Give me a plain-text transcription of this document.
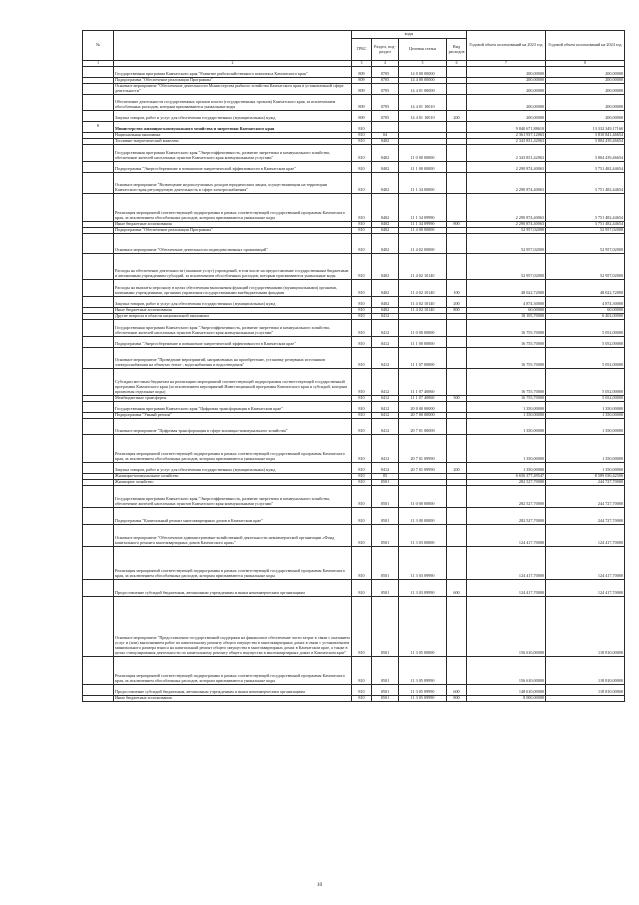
№		коды				Годовой объем ассигнований на 2023 год	Годовой объем ассигнований на 2024 год
		ГРБС	Раздел, под-раздел	Целевая статья	Вид расходов		
1	2	3	4	5	6	7	8
	Государственная программа Камчатского края "Развитие рыбохозяйственного комплекса Камчатского края"	809	0705	14 0 00 00000		200,00000	200,00000
	Подпрограмма "Обеспечение реализации Программы"	809	0705	14 4 00 00000		200,00000	200,00000
	Основное мероприятие "Обеспечение деятельности Министерства рыбного хозяйства Камчатского края в установленной сфере деятельности"	809	0705	14 4 01 00000		200,00000	200,00000
	Обеспечение деятельности государственных органов власти (государственных органов) Камчатского края, за исключением обособленных расходов, которым присваиваются уникальные коды	809	0705	14 4 01 10010		200,00000	200,00000
	Закупка товаров, работ и услуг для обеспечения государственных (муниципальных) нужд	809	0705	14 4 01 10010	200	200,00000	200,00000
8	Министерство жилищно-коммунального хозяйства и энергетики Камчатского края	810				9 840 671,88610	13 332 349,17160
	Национальная экономика	810	04			2 361 937,12063	3 810 841,46654
	Топливно-энергетический комплекс	810	0402			2 343 831,42063	3 804 439,46654
	Государственная программа Камчатского края "Энергоэффективность, развитие энергетики и коммунального хозяйства, обеспечение жителей населенных пунктов Камчатского края коммунальными услугами"	810	0402	11 0 00 00000		2 343 831,42063	3 804 439,46654
	Подпрограмма "Энергосбережение и повышение энергетической эффективности в Камчатском крае"	810	0402	11 1 00 00000		2 290 874,40063	3 751 482,44654
	Основное мероприятие "Возмещение недополученных доходов юридическим лицам, осуществляющим на территории Камчатского края регулируемую деятельность в сфере электроснабжения"	810	0402	11 1 34 00000		2 290 874,40063	3 751 482,44654
	Реализация мероприятий соответствующей подпрограммы в рамках соответствующей государственной программы Камчатского края, за исключением обособленных расходов, которым присваиваются уникальные коды	810	0402	11 1 34 09990		2 290 874,40063	3 751 482,44654
	Иные бюджетные ассигнования	810	0402	11 1 34 09990	800	2 290 874,40063	3 751 482,44654
	Подпрограмма "Обеспечение реализации Программы"	810	0402	11 4 00 00000		52 957,02000	52 957,02000
	Основное мероприятие "Обеспечение деятельности подведомственных организаций"	810	0402	11 4 02 00000		52 957,02000	52 957,02000
	Расходы на обеспечение деятельности (оказание услуг) учреждений, в том числе на предоставление государственным бюджетным и автономным учреждениям субсидий, за исключением обособленных расходов, которым присваиваются уникальные коды	810	0402	11 4 02 10140		52 957,02000	52 957,02000
	Расходы на выплаты персоналу в целях обеспечения выполнения функций государственными (муниципальными) органами, казенными учреждениями, органами управления государственными внебюджетными фондами	810	0402	11 4 02 10140	100	48 022,72000	48 022,72000
	Закупка товаров, работ и услуг для обеспечения государственных (муниципальных) нужд	810	0402	11 4 02 10140	200	4 874,30000	4 874,30000
	Иные бюджетные ассигнования	810	0402	11 4 02 10140	800	60,00000	60,00000
	Другие вопросы в области национальной экономики	810	0412			18 105,70000	6 402,00000
	Государственная программа Камчатского края "Энергоэффективность, развитие энергетики и коммунального хозяйства, обеспечение жителей населенных пунктов Камчатского края коммунальными услугами"	810	0412	11 0 00 00000		16 755,70000	5 052,00000
	Подпрограмма "Энергосбережение и повышение энергетической эффективности в Камчатском крае"	810	0412	11 1 00 00000		16 755,70000	5 052,00000
	Основное мероприятие "Проведение мероприятий, направленных на приобретение, установку резервных источников электроснабжения на объектах тепло-, водоснабжения и водоотведения"	810	0412	11 1 07 00000		16 755,70000	5 052,00000
	Субсидии местным бюджетам на реализацию мероприятий соответствующей подпрограммы соответствующей государственной программы Камчатского края (за исключением мероприятий Инвестиционной программы Камчатского края и субсидий, которым присвоены отдельные коды)	810	0412	11 1 07 40060		16 755,70000	5 052,00000
	Межбюджетные трансферты	810	0412	11 1 07 40060	500	16 755,70000	5 052,00000
	Государственная программа Камчатского края "Цифровая трансформация в Камчатском крае"	810	0412	20 0 00 00000		1 350,00000	1 350,00000
	Подпрограмма "Умный регион"	810	0412	20 7 00 00000		1 350,00000	1 350,00000
	Основное мероприятие "Цифровая трансформация в сфере жилищно-коммунального хозяйства"	810	0412	20 7 01 00000		1 350,00000	1 350,00000
	Реализация мероприятий соответствующей подпрограммы в рамках соответствующей государственной программы Камчатского края, за исключением обособленных расходов, которым присваиваются уникальные коды	810	0412	20 7 01 09990		1 350,00000	1 350,00000
	Закупка товаров, работ и услуг для обеспечения государственных (муниципальных) нужд	810	0412	20 7 01 09990	200	1 350,00000	1 350,00000
	Жилищно-коммунальное хозяйство	810	05			6 656 377,49547	8 589 030,42506
	Жилищное хозяйство	810	0501			282 527,70000	244 727,70000
	Государственная программа Камчатского края "Энергоэффективность, развитие энергетики и коммунального хозяйства, обеспечение жителей населенных пунктов Камчатского края коммунальными услугами"	810	0501	11 0 00 00000		282 527,70000	244 727,70000
	Подпрограмма "Капитальный ремонт многоквартирных домов в Камчатском крае"	810	0501	11 3 00 00000		282 527,70000	244 727,70000
	Основное мероприятие "Обеспечение административно-хозяйственной деятельности некоммерческой организации «Фонд капитального ремонта многоквартирных домов Камчатского края»"	810	0501	11 3 03 00000		124 417,70000	124 417,70000
	Реализация мероприятий соответствующей подпрограммы в рамках соответствующей государственной программы Камчатского края, за исключением обособленных расходов, которым присваиваются уникальные коды	810	0501	11 3 03 09990		124 417,70000	124 417,70000
	Предоставление субсидий бюджетным, автономным учреждениям и иным некоммерческим организациям	810	0501	11 3 03 09990	600	124 417,70000	124 417,70000
	Основное мероприятие "Предоставление государственной поддержки на финансовое обеспечение части затрат в связи с оказанием услуг и (или) выполнением работ по капитальному ремонту общего имущества в многоквартирных домах в связи с установлением минимального размера взноса на капитальный ремонт общего имущества в многоквартирных домах в Камчатском крае, а также в целях стимулирования деятельности по капитальному ремонту общего имущества в многоквартирных домах в Камчатском крае"	810	0501	11 3 05 00000		156 610,00000	118 810,00000
	Реализация мероприятий соответствующей подпрограммы в рамках соответствующей государственной программы Камчатского края, за исключением обособленных расходов, которым присваиваются уникальные коды	810	0501	11 3 05 09990		156 610,00000	118 810,00000
	Предоставление субсидий бюджетным, автономным учреждениям и иным некоммерческим организациям	810	0501	11 3 05 09990	600	148 610,00000	118 810,00000
	Иные бюджетные ассигнования	810	0501	11 3 05 09990	800	8 000,00000	
10
